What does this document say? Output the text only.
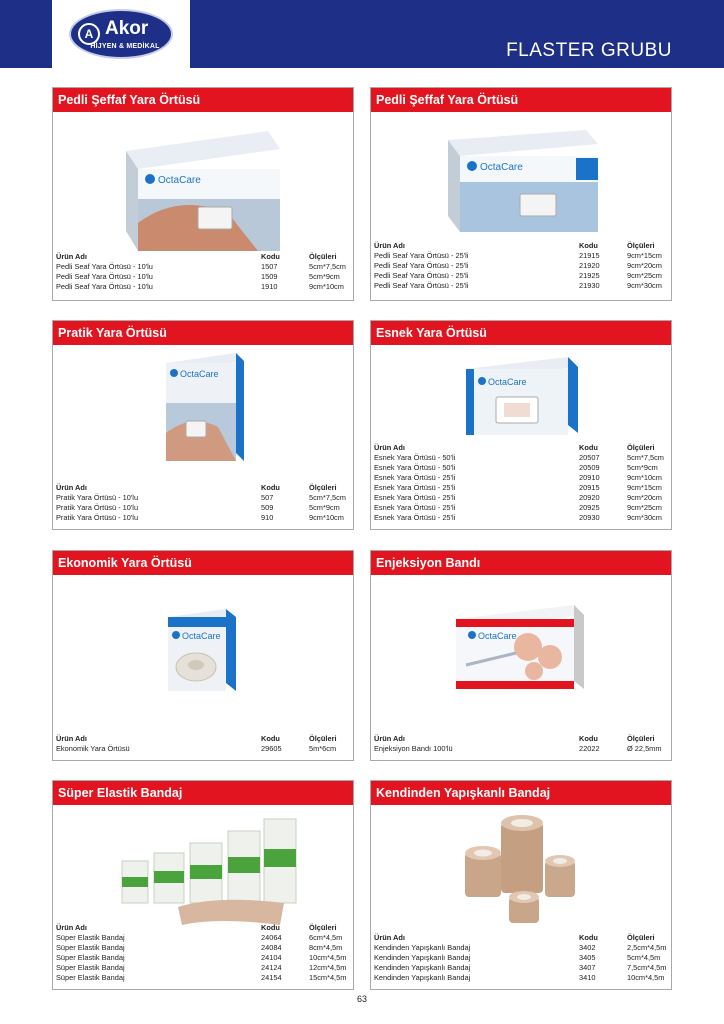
A Akor
HİJYEN & MEDİKAL	FLASTER GRUBU
Pedli Şeffaf Yara Örtüsü
OctaCare
Ürün Adı	Kodu	Ölçüleri
Pedli Seaf Yara Örtüsü - 10'lu	1507	5cm*7,5cm
Pedli Seaf Yara Örtüsü - 10'lu	1509	5cm*9cm
Pedli Seaf Yara Örtüsü - 10'lu	1910	9cm*10cm
Pedli Şeffaf Yara Örtüsü
OctaCare
Ürün Adı	Kodu	Ölçüleri
Pedli Seaf Yara Örtüsü - 25'li	21915	9cm*15cm
Pedli Seaf Yara Örtüsü - 25'li	21920	9cm*20cm
Pedli Seaf Yara Örtüsü - 25'li	21925	9cm*25cm
Pedli Seaf Yara Örtüsü - 25'li	21930	9cm*30cm
Pratik Yara Örtüsü
OctaCare
Ürün Adı	Kodu	Ölçüleri
Pratik Yara Örtüsü - 10'lu	507	5cm*7,5cm
Pratik Yara Örtüsü - 10'lu	509	5cm*9cm
Pratik Yara Örtüsü - 10'lu	910	9cm*10cm
Esnek Yara Örtüsü
OctaCare
Ürün Adı	Kodu	Ölçüleri
Esnek Yara Örtüsü - 50'li	20507	5cm*7,5cm
Esnek Yara Örtüsü - 50'li	20509	5cm*9cm
Esnek Yara Örtüsü - 25'li	20910	9cm*10cm
Esnek Yara Örtüsü - 25'li	20915	9cm*15cm
Esnek Yara Örtüsü - 25'li	20920	9cm*20cm
Esnek Yara Örtüsü - 25'li	20925	9cm*25cm
Esnek Yara Örtüsü - 25'li	20930	9cm*30cm
Ekonomik Yara Örtüsü
OctaCare
Ürün Adı	Kodu	Ölçüleri
Ekonomik Yara Örtüsü	29605	5m*6cm
Enjeksiyon Bandı
OctaCare
Ürün Adı	Kodu	Ölçüleri
Enjeksiyon Bandı 100'lü	22022	Ø 22,5mm
Süper Elastik Bandaj
Ürün Adı	Kodu	Ölçüleri
Süper Elastik Bandaj	24064	6cm*4,5m
Süper Elastik Bandaj	24084	8cm*4,5m
Süper Elastik Bandaj	24104	10cm*4,5m
Süper Elastik Bandaj	24124	12cm*4,5m
Süper Elastik Bandaj	24154	15cm*4,5m
Kendinden Yapışkanlı Bandaj
Ürün Adı	Kodu	Ölçüleri
Kendinden Yapışkanlı Bandaj	3402	2,5cm*4,5m
Kendinden Yapışkanlı Bandaj	3405	5cm*4,5m
Kendinden Yapışkanlı Bandaj	3407	7,5cm*4,5m
Kendinden Yapışkanlı Bandaj	3410	10cm*4,5m
63
